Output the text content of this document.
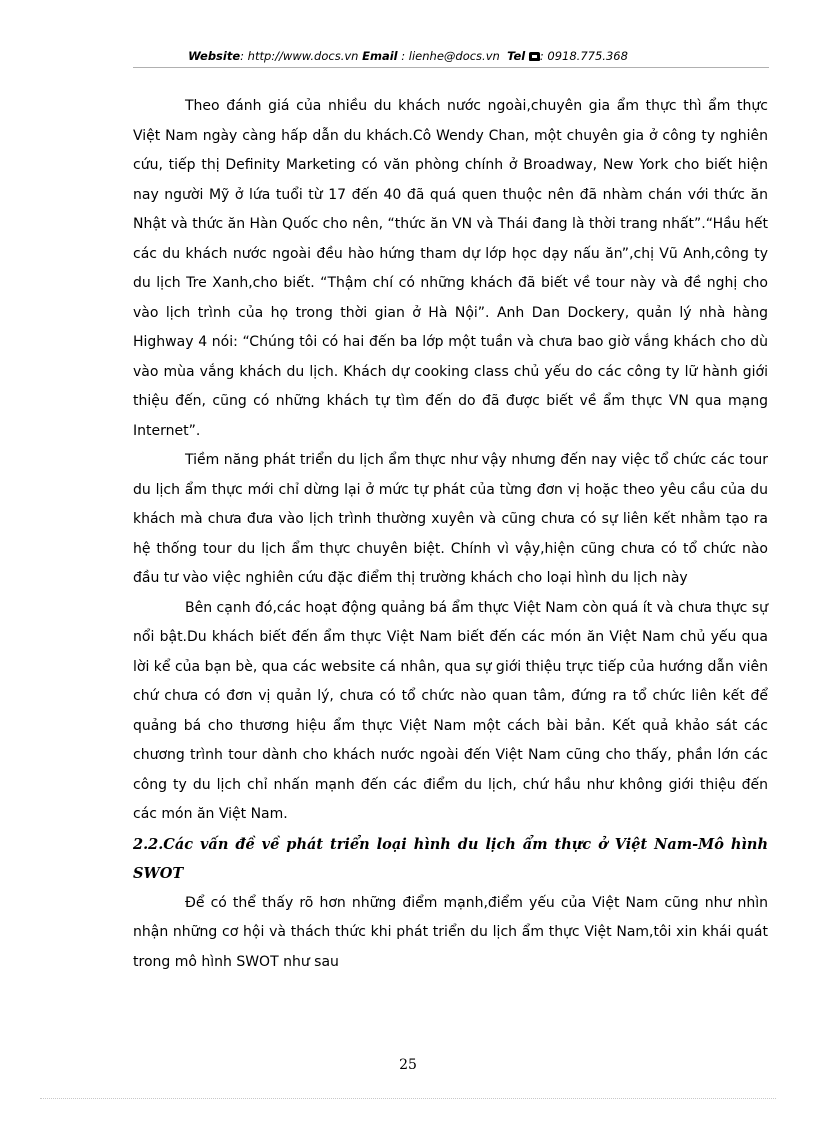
Website: http://www.docs.vn Email : lienhe@docs.vn Tel : 0918.775.368

Theo đánh giá của nhiều du khách nước ngoài,chuyên gia ẩm thực thì ẩm thực Việt Nam ngày càng hấp dẫn du khách.Cô Wendy Chan, một chuyên gia ở công ty nghiên cứu, tiếp thị Definity Marketing có văn phòng chính ở Broadway, New York cho biết hiện nay người Mỹ ở lứa tuổi từ 17 đến 40 đã quá quen thuộc nên đã nhàm chán với thức ăn Nhật và thức ăn Hàn Quốc cho nên, “thức ăn VN và Thái đang là thời trang nhất”.“Hầu hết các du khách nước ngoài đều hào hứng tham dự lớp học dạy nấu ăn”,chị Vũ Anh,công ty du lịch Tre Xanh,cho biết. “Thậm chí có những khách đã biết về tour này và đề nghị cho vào lịch trình của họ trong thời gian ở Hà Nội”. Anh Dan Dockery, quản lý nhà hàng Highway 4 nói: “Chúng tôi có hai đến ba lớp một tuần và chưa bao giờ vắng khách cho dù vào mùa vắng khách du lịch. Khách dự cooking class chủ yếu do các công ty lữ hành giới thiệu đến, cũng có những khách tự tìm đến do đã được biết về ẩm thực VN qua mạng Internet”.

Tiềm năng phát triển du lịch ẩm thực như vậy nhưng đến nay việc tổ chức các tour du lịch ẩm thực mới chỉ dừng lại ở mức tự phát của từng đơn vị hoặc theo yêu cầu của du khách mà chưa đưa vào lịch trình thường xuyên và cũng chưa có sự liên kết nhằm tạo ra hệ thống tour du lịch ẩm thực chuyên biệt. Chính vì vậy,hiện cũng chưa có tổ chức nào đầu tư vào việc nghiên cứu đặc điểm thị trường khách cho loại hình du lịch này

Bên cạnh đó,các hoạt động quảng bá ẩm thực Việt Nam còn quá ít và chưa thực sự nổi bật.Du khách biết đến ẩm thực Việt Nam biết đến các món ăn Việt Nam chủ yếu qua lời kể của bạn bè, qua các website cá nhân, qua sự giới thiệu trực tiếp của hướng dẫn viên chứ chưa có đơn vị quản lý, chưa có tổ chức nào quan tâm, đứng ra tổ chức liên kết để quảng bá cho thương hiệu ẩm thực Việt Nam một cách bài bản. Kết quả khảo sát các chương trình tour dành cho khách nước ngoài đến Việt Nam cũng cho thấy, phần lớn các công ty du lịch chỉ nhấn mạnh đến các điểm du lịch, chứ hầu như không giới thiệu đến các món ăn Việt Nam.

2.2.Các vấn đề về phát triển loại hình du lịch ẩm thực ở Việt Nam-Mô hình SWOT

Để có thể thấy rõ hơn những điểm mạnh,điểm yếu của Việt Nam cũng như nhìn nhận những cơ hội và thách thức khi phát triển du lịch ẩm thực Việt Nam,tôi xin khái quát trong mô hình SWOT như sau

25
